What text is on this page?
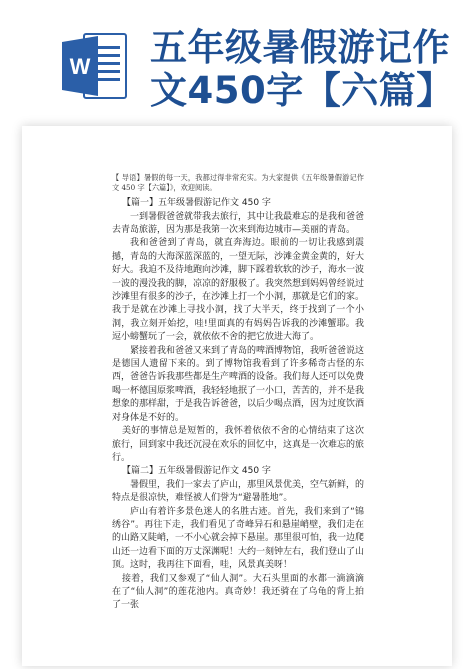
W 五年级暑假游记作
文450字【六篇】

【 导语】暑假的每一天，我都过得非常充实。为大家提供《五年级暑假游记作文 450 字【六篇】》，欢迎阅读。

【篇一】五年级暑假游记作文 450 字

一到暑假爸爸就带我去旅行，其中让我最难忘的是我和爸爸去青岛旅游，因为那是我第一次来到海边城市—美丽的青岛。

我和爸爸到了青岛，就直奔海边。眼前的一切让我感到震撼，青岛的大海深蓝深蓝的，一望无际，沙滩金黄金黄的，好大好大。我迫不及待地跑向沙滩，脚下踩着软软的沙子，海水一波一波的漫没我的脚，凉凉的舒服极了。我突然想到妈妈曾经说过沙滩里有很多的沙子，在沙滩上打一个小洞，那就是它们的家。我于是就在沙滩上寻找小洞，找了大半天，终于找到了一个小洞，我立刻开始挖，哇!里面真的有妈妈告诉我的沙滩蟹耶。我逗小螃蟹玩了一会，就依依不舍的把它放进大海了。

紧接着我和爸爸又来到了青岛的啤酒博物馆，我听爸爸说这是德国人遗留下来的。到了博物馆我看到了许多稀奇古怪的东西，爸爸告诉我那些都是生产啤酒的设备。我们每人还可以免费喝一杯德国原浆啤酒，我轻轻地抿了一小口，苦苦的，并不是我想象的那样甜，于是我告诉爸爸，以后少喝点酒，因为过度饮酒对身体是不好的。

美好的事情总是短暂的，我怀着依依不舍的心情结束了这次旅行，回到家中我还沉浸在欢乐的回忆中，这真是一次难忘的旅行。

【篇二】五年级暑假游记作文 450 字

暑假里，我们一家去了庐山，那里风景优美，空气新鲜，的特点是很凉快，难怪被人们誉为“避暑胜地”。

庐山有着许多景色迷人的名胜古迹。首先，我们来到了“锦绣谷”。再往下走，我们看见了奇峰异石和悬崖峭壁，我们走在的山路又陡峭，一不小心就会掉下悬崖。那里很可怕，我一边爬山还一边看下面的万丈深渊呢！大约一刻钟左右，我们登山了山顶。这时，我再往下面看，哇，风景真美呀！

接着，我们又参观了“仙人洞”。大石头里面的水都一滴滴滴在了“仙人洞”的莲花池内。真奇妙！我还骑在了乌龟的背上拍了一张
